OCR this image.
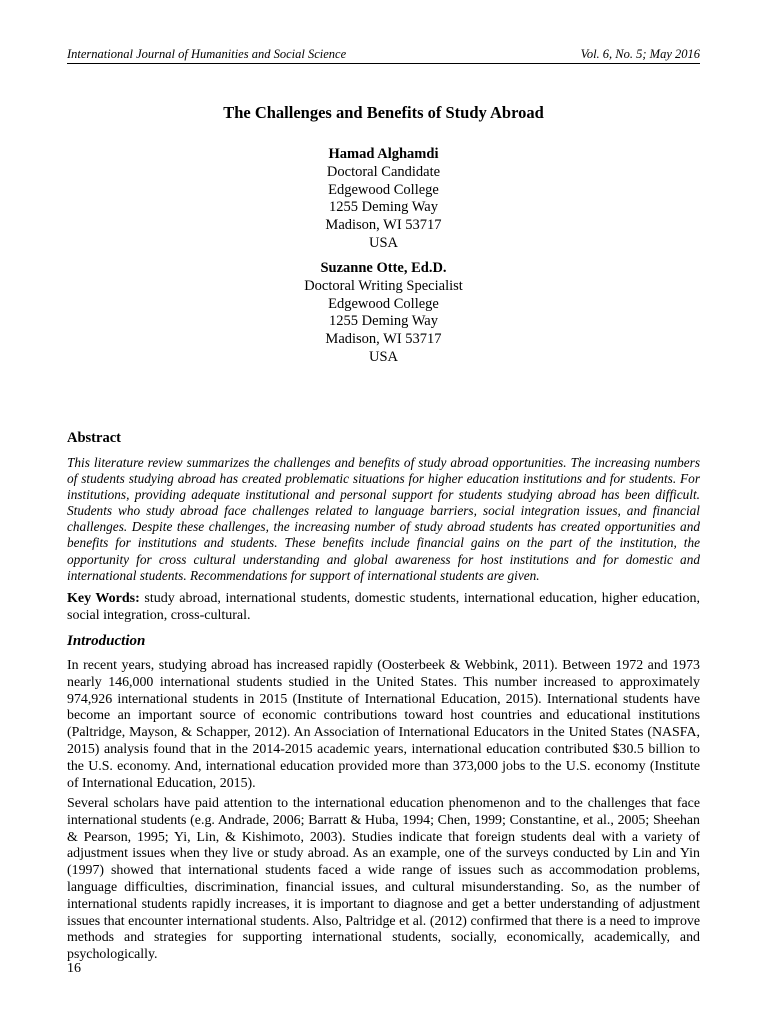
International Journal of Humanities and Social Science	Vol. 6, No. 5; May 2016
The Challenges and Benefits of Study Abroad
Hamad Alghamdi
Doctoral Candidate
Edgewood College
1255 Deming Way
Madison, WI 53717
USA
Suzanne Otte, Ed.D.
Doctoral Writing Specialist
Edgewood College
1255 Deming Way
Madison, WI 53717
USA
Abstract
This literature review summarizes the challenges and benefits of study abroad opportunities. The increasing numbers of students studying abroad has created problematic situations for higher education institutions and for students. For institutions, providing adequate institutional and personal support for students studying abroad has been difficult. Students who study abroad face challenges related to language barriers, social integration issues, and financial challenges. Despite these challenges, the increasing number of study abroad students has created opportunities and benefits for institutions and students. These benefits include financial gains on the part of the institution, the opportunity for cross cultural understanding and global awareness for host institutions and for domestic and international students. Recommendations for support of international students are given.
Key Words: study abroad, international students, domestic students, international education, higher education, social integration, cross-cultural.
Introduction
In recent years, studying abroad has increased rapidly (Oosterbeek & Webbink, 2011). Between 1972 and 1973 nearly 146,000 international students studied in the United States. This number increased to approximately 974,926 international students in 2015 (Institute of International Education, 2015). International students have become an important source of economic contributions toward host countries and educational institutions (Paltridge, Mayson, & Schapper, 2012). An Association of International Educators in the United States (NASFA, 2015) analysis found that in the 2014-2015 academic years, international education contributed $30.5 billion to the U.S. economy. And, international education provided more than 373,000 jobs to the U.S. economy (Institute of International Education, 2015).
Several scholars have paid attention to the international education phenomenon and to the challenges that face international students (e.g. Andrade, 2006; Barratt & Huba, 1994; Chen, 1999; Constantine, et al., 2005; Sheehan & Pearson, 1995; Yi, Lin, & Kishimoto, 2003). Studies indicate that foreign students deal with a variety of adjustment issues when they live or study abroad. As an example, one of the surveys conducted by Lin and Yin (1997) showed that international students faced a wide range of issues such as accommodation problems, language difficulties, discrimination, financial issues, and cultural misunderstanding. So, as the number of international students rapidly increases, it is important to diagnose and get a better understanding of adjustment issues that encounter international students. Also, Paltridge et al. (2012) confirmed that there is a need to improve methods and strategies for supporting international students, socially, economically, academically, and psychologically.
16
